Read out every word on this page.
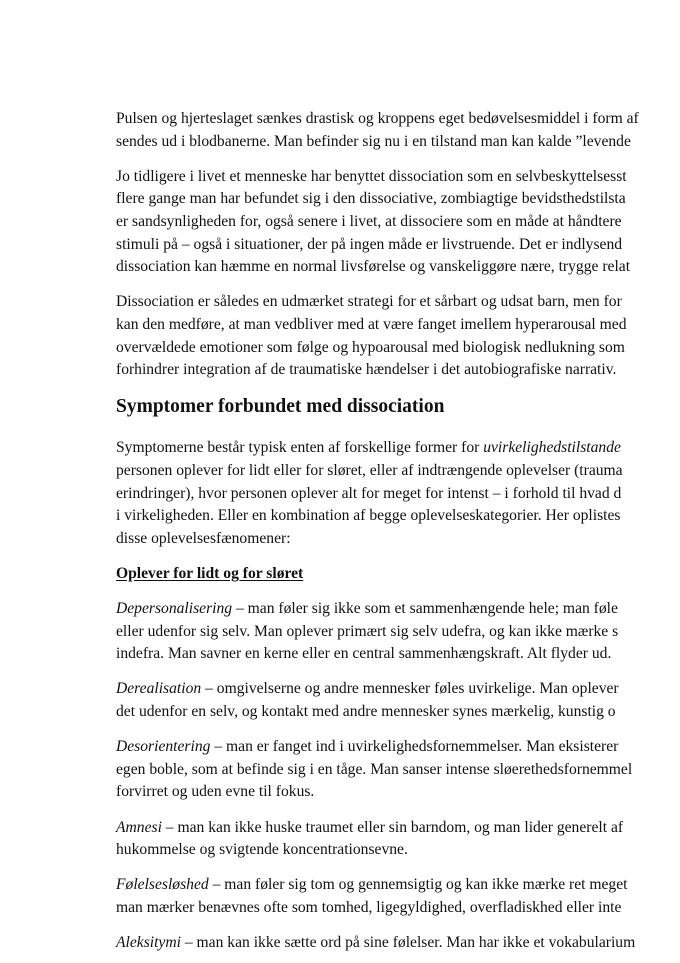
Pulsen og hjerteslaget sænkes drastisk og kroppens eget bedøvelsesmiddel i form af
sendes ud i blodbanerne. Man befinder sig nu i en tilstand man kan kalde ”levende
Jo tidligere i livet et menneske har benyttet dissociation som en selvbeskyttelsesst
flere gange man har befundet sig i den dissociative, zombiagtige bevidsthedstilsta
er sandsynligheden for, også senere i livet, at dissociere som en måde at håndtere
stimuli på – også i situationer, der på ingen måde er livstruende. Det er indlysend
dissociation kan hæmme en normal livsførelse og vanskeliggøre nære, trygge relat
Dissociation er således en udmærket strategi for et sårbart og udsat barn, men for
kan den medføre, at man vedbliver med at være fanget imellem hyperarousal med
overvældede emotioner som følge og hypoarousal med biologisk nedlukning som
forhindrer integration af de traumatiske hændelser i det autobiografiske narrativ.
Symptomer forbundet med dissociation
Symptomerne består typisk enten af forskellige former for uvirkelighedstilstande
personen oplever for lidt eller for sløret, eller af indtrængende oplevelser (trauma
erindringer), hvor personen oplever alt for meget for intenst – i forhold til hvad d
i virkeligheden. Eller en kombination af begge oplevelseskategorier. Her oplistes
disse oplevelsesfænomener:
Oplever for lidt og for sløret
Depersonalisering – man føler sig ikke som et sammenhængende hele; man føle
eller udenfor sig selv. Man oplever primært sig selv udefra, og kan ikke mærke s
indefra. Man savner en kerne eller en central sammenhængskraft. Alt flyder ud.
Derealisation – omgivelserne og andre mennesker føles uvirkelige. Man oplever
det udenfor en selv, og kontakt med andre mennesker synes mærkelig, kunstig o
Desorientering – man er fanget ind i uvirkelighedsfornemmelser. Man eksisterer
egen boble, som at befinde sig i en tåge. Man sanser intense sløerethedsfornemmel
forvirret og uden evne til fokus.
Amnesi – man kan ikke huske traumet eller sin barndom, og man lider generelt af
hukommelse og svigtende koncentrationsevne.
Følelsesløshed – man føler sig tom og gennemsigtig og kan ikke mærke ret meget
man mærker benævnes ofte som tomhed, ligegyldighed, overfladiskhed eller inte
Aleksitymi – man kan ikke sætte ord på sine følelser. Man har ikke et vokabularium
